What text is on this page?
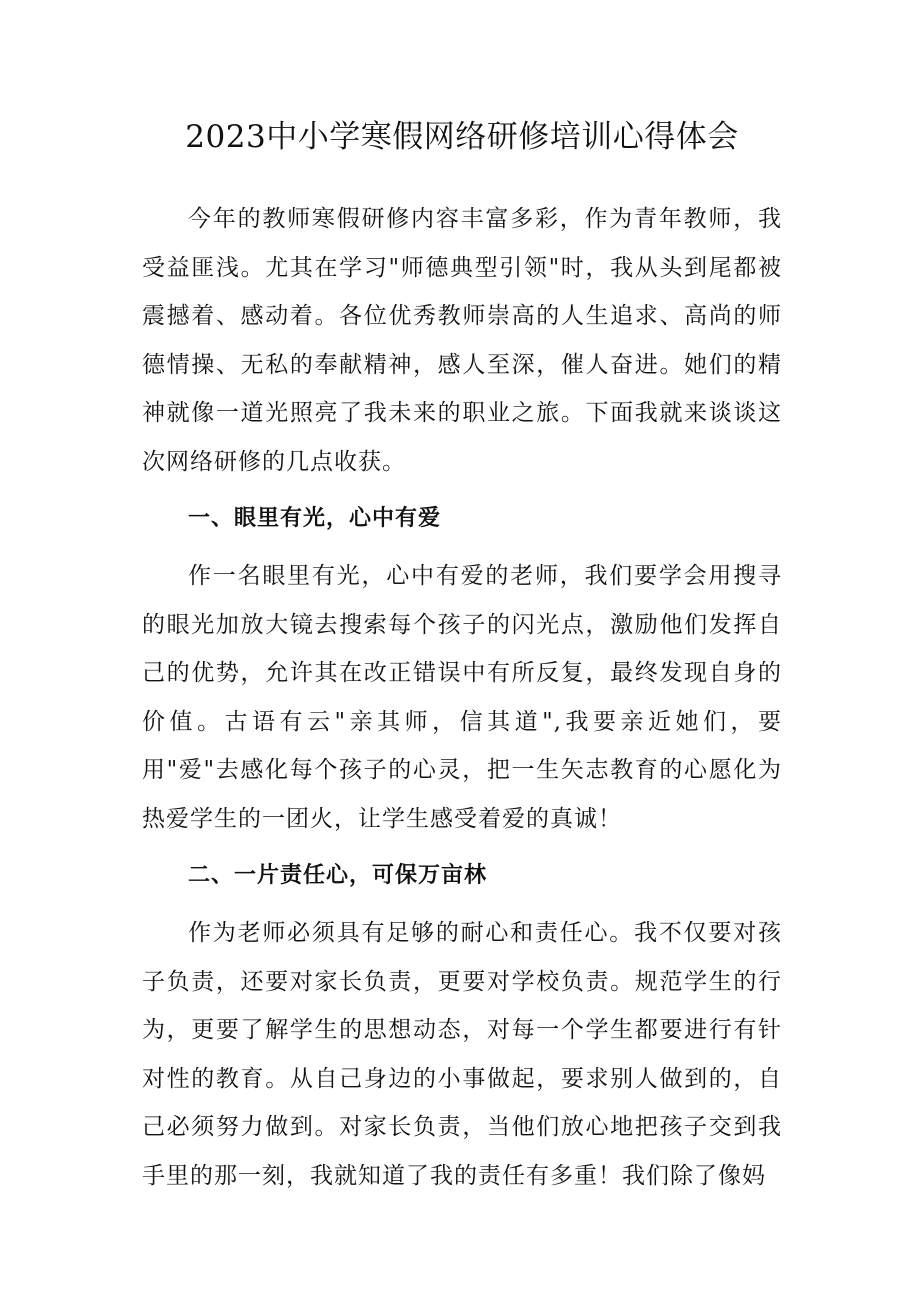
2023中小学寒假网络研修培训心得体会

今年的教师寒假研修内容丰富多彩，作为青年教师，我受益匪浅。尤其在学习"师德典型引领"时，我从头到尾都被震撼着、感动着。各位优秀教师崇高的人生追求、高尚的师德情操、无私的奉献精神，感人至深，催人奋进。她们的精神就像一道光照亮了我未来的职业之旅。下面我就来谈谈这次网络研修的几点收获。

一、眼里有光，心中有爱

作一名眼里有光，心中有爱的老师，我们要学会用搜寻的眼光加放大镜去搜索每个孩子的闪光点，激励他们发挥自己的优势，允许其在改正错误中有所反复，最终发现自身的价值。古语有云"亲其师，信其道",我要亲近她们，要用"爱"去感化每个孩子的心灵，把一生矢志教育的心愿化为热爱学生的一团火，让学生感受着爱的真诚！

二、一片责任心，可保万亩林

作为老师必须具有足够的耐心和责任心。我不仅要对孩子负责，还要对家长负责，更要对学校负责。规范学生的行为，更要了解学生的思想动态，对每一个学生都要进行有针对性的教育。从自己身边的小事做起，要求别人做到的，自己必须努力做到。对家长负责，当他们放心地把孩子交到我手里的那一刻，我就知道了我的责任有多重！我们除了像妈
